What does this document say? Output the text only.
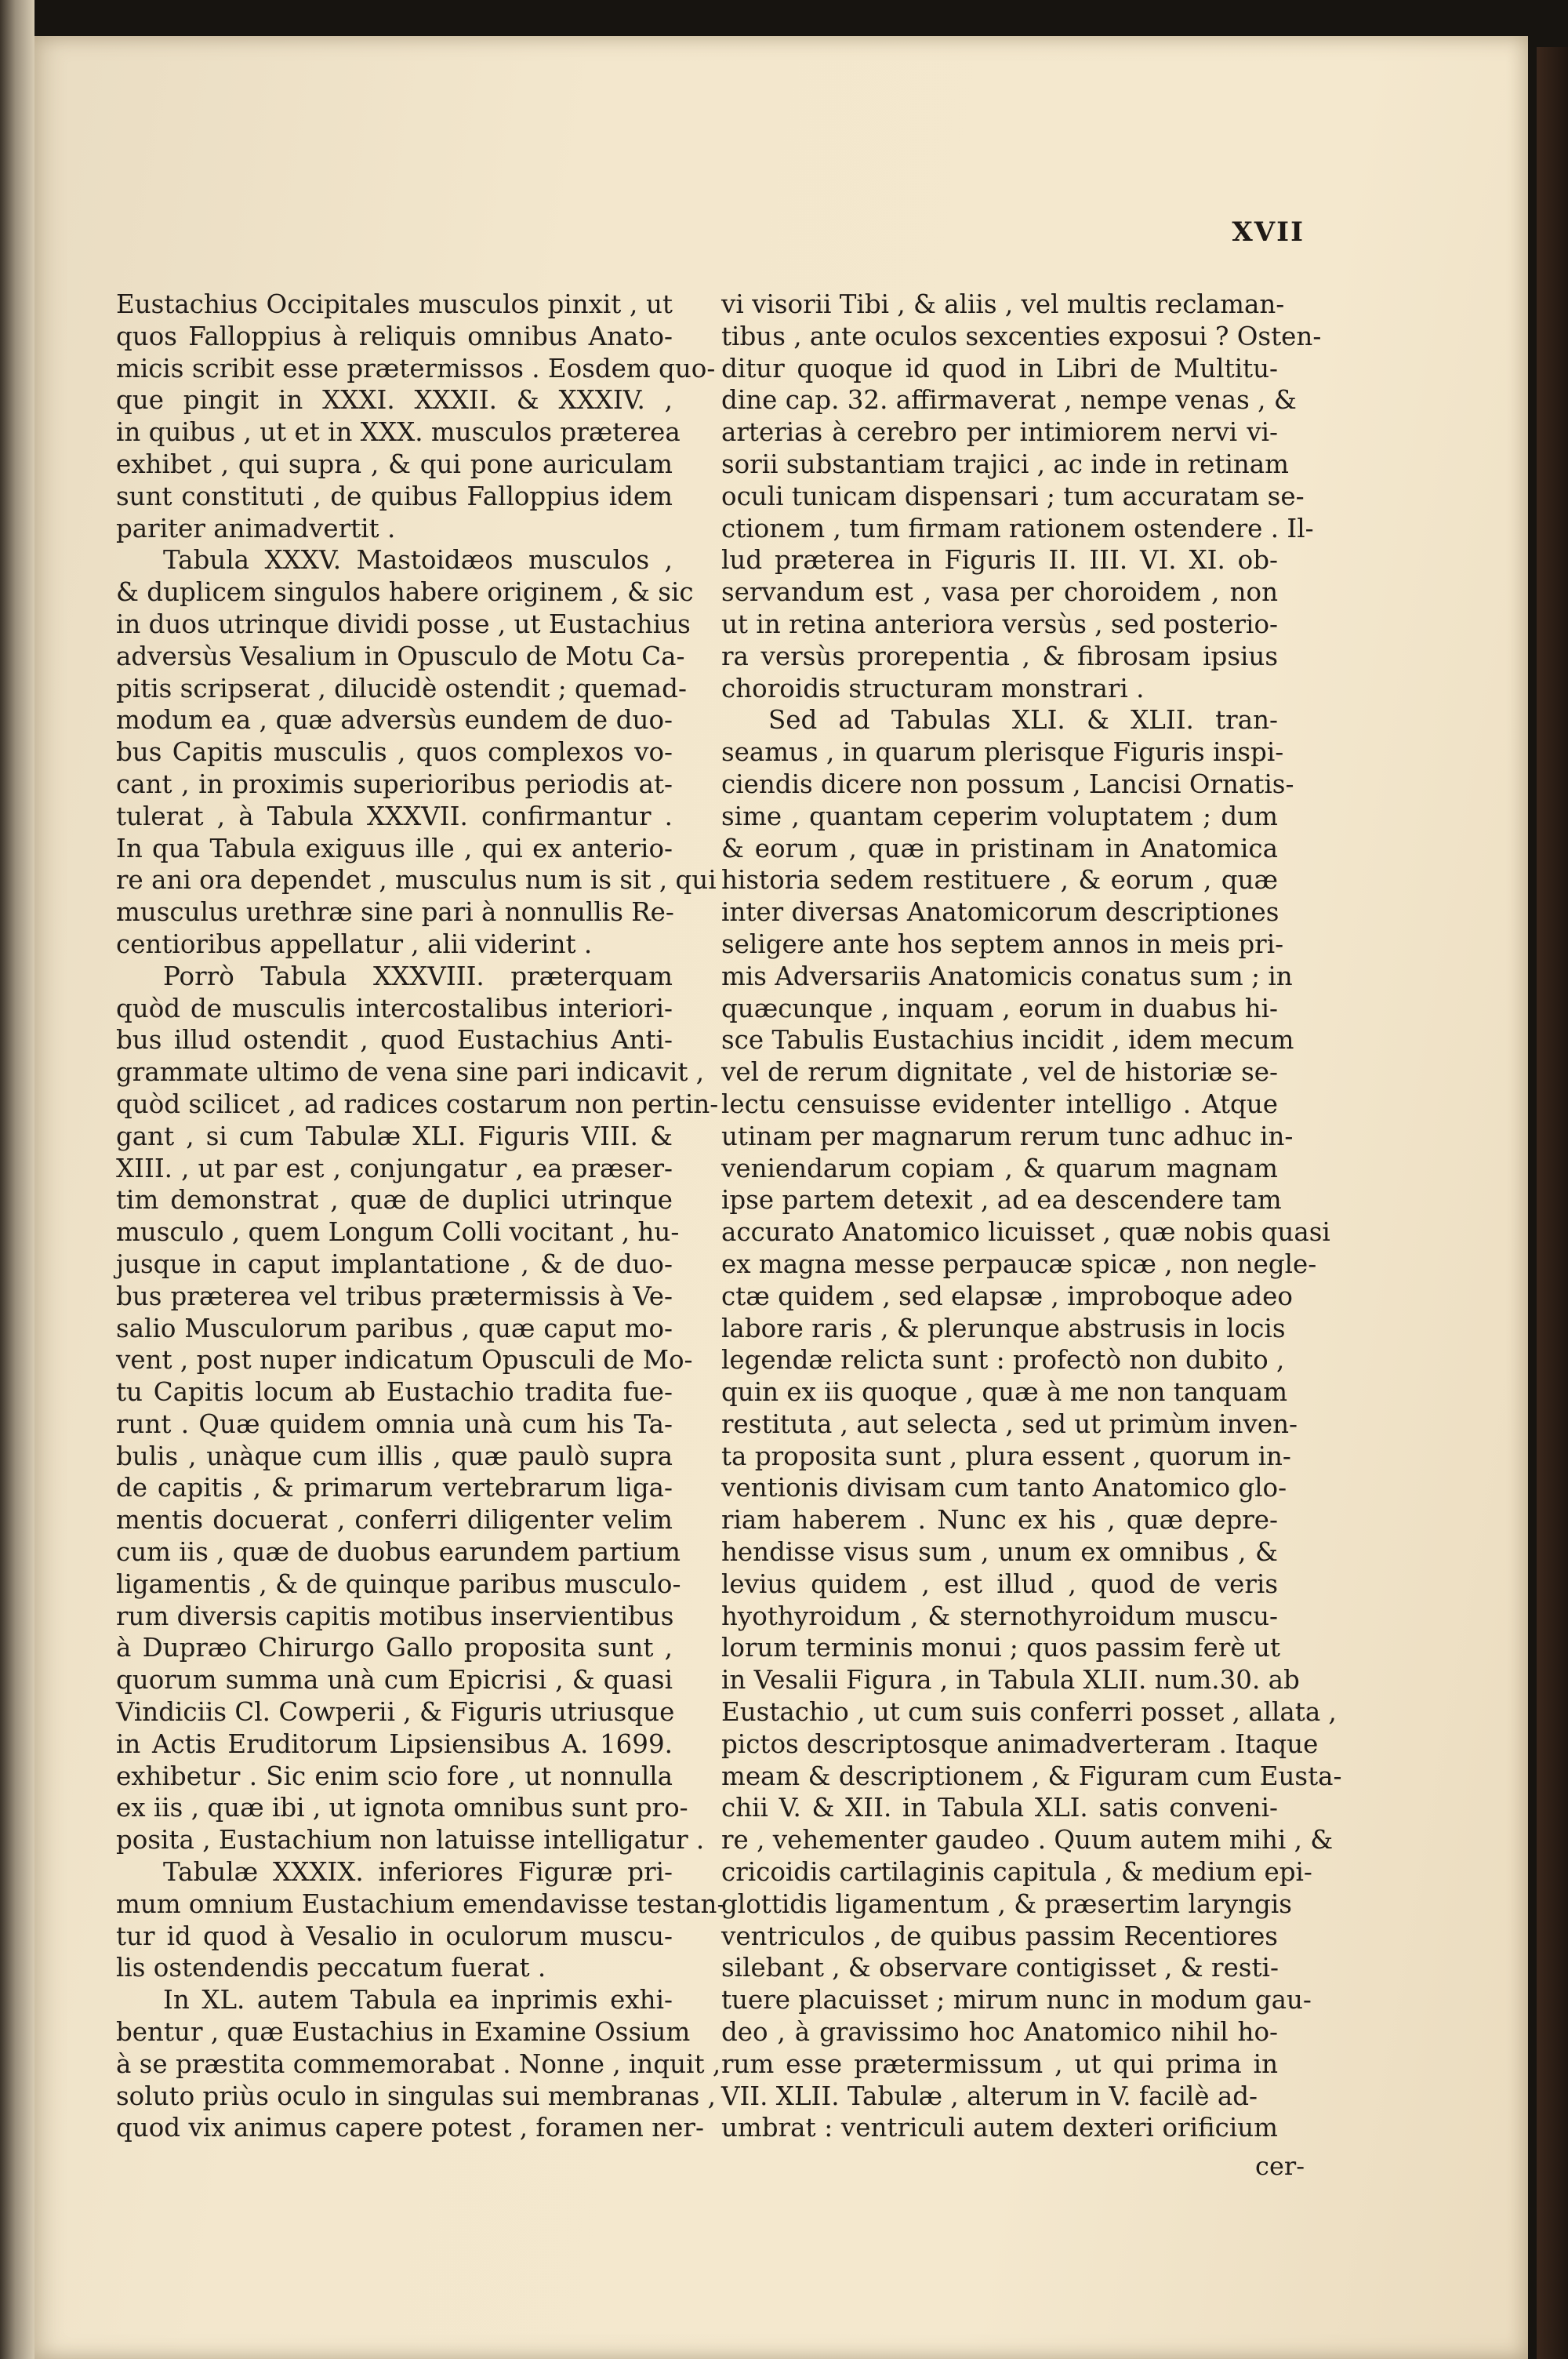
XVII
Eustachius Occipitales musculos pinxit , ut
quos Falloppius à reliquis omnibus Anato-
micis scribit esse prætermissos . Eosdem quo-
que pingit in XXXI. XXXII. & XXXIV. ,
in quibus , ut et in XXX. musculos præterea
exhibet , qui supra , & qui pone auriculam
sunt constituti , de quibus Falloppius idem
pariter animadvertit .
Tabula XXXV. Mastoidæos musculos ,
& duplicem singulos habere originem , & sic
in duos utrinque dividi posse , ut Eustachius
adversùs Vesalium in Opusculo de Motu Ca-
pitis scripserat , dilucidè ostendit ; quemad-
modum ea , quæ adversùs eundem de duo-
bus Capitis musculis , quos complexos vo-
cant , in proximis superioribus periodis at-
tulerat , à Tabula XXXVII. confirmantur .
In qua Tabula exiguus ille , qui ex anterio-
re ani ora dependet , musculus num is sit , qui
musculus urethræ sine pari à nonnullis Re-
centioribus appellatur , alii viderint .
Porrò Tabula XXXVIII. præterquam
quòd de musculis intercostalibus interiori-
bus illud ostendit , quod Eustachius Anti-
grammate ultimo de vena sine pari indicavit ,
quòd scilicet , ad radices costarum non pertin-
gant , si cum Tabulæ XLI. Figuris VIII. &
XIII. , ut par est , conjungatur , ea præser-
tim demonstrat , quæ de duplici utrinque
musculo , quem Longum Colli vocitant , hu-
jusque in caput implantatione , & de duo-
bus præterea vel tribus prætermissis à Ve-
salio Musculorum paribus , quæ caput mo-
vent , post nuper indicatum Opusculi de Mo-
tu Capitis locum ab Eustachio tradita fue-
runt . Quæ quidem omnia unà cum his Ta-
bulis , unàque cum illis , quæ paulò supra
de capitis , & primarum vertebrarum liga-
mentis docuerat , conferri diligenter velim
cum iis , quæ de duobus earundem partium
ligamentis , & de quinque paribus musculo-
rum diversis capitis motibus inservientibus
à Dupræo Chirurgo Gallo proposita sunt ,
quorum summa unà cum Epicrisi , & quasi
Vindiciis Cl. Cowperii , & Figuris utriusque
in Actis Eruditorum Lipsiensibus A. 1699.
exhibetur . Sic enim scio fore , ut nonnulla
ex iis , quæ ibi , ut ignota omnibus sunt pro-
posita , Eustachium non latuisse intelligatur .
Tabulæ XXXIX. inferiores Figuræ pri-
mum omnium Eustachium emendavisse testan-
tur id quod à Vesalio in oculorum muscu-
lis ostendendis peccatum fuerat .
In XL. autem Tabula ea inprimis exhi-
bentur , quæ Eustachius in Examine Ossium
à se præstita commemorabat . Nonne , inquit ,
soluto priùs oculo in singulas sui membranas ,
quod vix animus capere potest , foramen ner-
vi visorii Tibi , & aliis , vel multis reclaman-
tibus , ante oculos sexcenties exposui ? Osten-
ditur quoque id quod in Libri de Multitu-
dine cap. 32. affirmaverat , nempe venas , &
arterias à cerebro per intimiorem nervi vi-
sorii substantiam trajici , ac inde in retinam
oculi tunicam dispensari ; tum accuratam se-
ctionem , tum firmam rationem ostendere . Il-
lud præterea in Figuris II. III. VI. XI. ob-
servandum est , vasa per choroidem , non
ut in retina anteriora versùs , sed posterio-
ra versùs prorepentia , & fibrosam ipsius
choroidis structuram monstrari .
Sed ad Tabulas XLI. & XLII. tran-
seamus , in quarum plerisque Figuris inspi-
ciendis dicere non possum , Lancisi Ornatis-
sime , quantam ceperim voluptatem ; dum
& eorum , quæ in pristinam in Anatomica
historia sedem restituere , & eorum , quæ
inter diversas Anatomicorum descriptiones
seligere ante hos septem annos in meis pri-
mis Adversariis Anatomicis conatus sum ; in
quæcunque , inquam , eorum in duabus hi-
sce Tabulis Eustachius incidit , idem mecum
vel de rerum dignitate , vel de historiæ se-
lectu censuisse evidenter intelligo . Atque
utinam per magnarum rerum tunc adhuc in-
veniendarum copiam , & quarum magnam
ipse partem detexit , ad ea descendere tam
accurato Anatomico licuisset , quæ nobis quasi
ex magna messe perpaucæ spicæ , non negle-
ctæ quidem , sed elapsæ , improboque adeo
labore raris , & plerunque abstrusis in locis
legendæ relicta sunt : profectò non dubito ,
quin ex iis quoque , quæ à me non tanquam
restituta , aut selecta , sed ut primùm inven-
ta proposita sunt , plura essent , quorum in-
ventionis divisam cum tanto Anatomico glo-
riam haberem . Nunc ex his , quæ depre-
hendisse visus sum , unum ex omnibus , &
levius quidem , est illud , quod de veris
hyothyroidum , & sternothyroidum muscu-
lorum terminis monui ; quos passim ferè ut
in Vesalii Figura , in Tabula XLII. num.30. ab
Eustachio , ut cum suis conferri posset , allata ,
pictos descriptosque animadverteram . Itaque
meam & descriptionem , & Figuram cum Eusta-
chii V. & XII. in Tabula XLI. satis conveni-
re , vehementer gaudeo . Quum autem mihi , &
cricoidis cartilaginis capitula , & medium epi-
glottidis ligamentum , & præsertim laryngis
ventriculos , de quibus passim Recentiores
silebant , & observare contigisset , & resti-
tuere placuisset ; mirum nunc in modum gau-
deo , à gravissimo hoc Anatomico nihil ho-
rum esse prætermissum , ut qui prima in
VII. XLII. Tabulæ , alterum in V. facilè ad-
umbrat : ventriculi autem dexteri orificium
cer-
